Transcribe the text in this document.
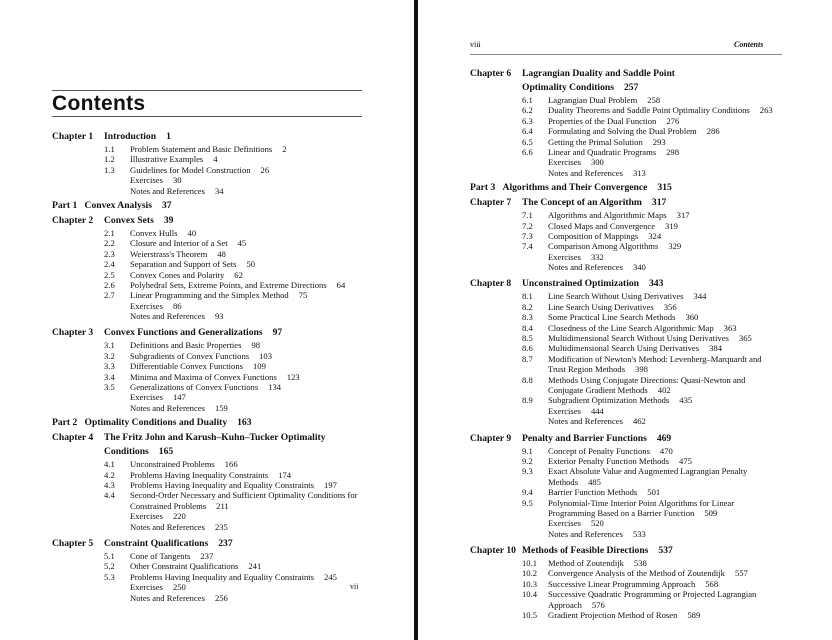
Contents
Chapter 1 Introduction 1
1.1 Problem Statement and Basic Definitions 2
1.2 Illustrative Examples 4
1.3 Guidelines for Model Construction 26
Exercises 30
Notes and References 34
Part 1 Convex Analysis 37
Chapter 2 Convex Sets 39
2.1 Convex Hulls 40
2.2 Closure and Interior of a Set 45
2.3 Weierstrass's Theorem 48
2.4 Separation and Support of Sets 50
2.5 Convex Cones and Polarity 62
2.6 Polyhedral Sets, Extreme Points, and Extreme Directions 64
2.7 Linear Programming and the Simplex Method 75
Exercises 86
Notes and References 93
Chapter 3 Convex Functions and Generalizations 97
3.1 Definitions and Basic Properties 98
3.2 Subgradients of Convex Functions 103
3.3 Differentiable Convex Functions 109
3.4 Minima and Maxima of Convex Functions 123
3.5 Generalizations of Convex Functions 134
Exercises 147
Notes and References 159
Part 2 Optimality Conditions and Duality 163
Chapter 4 The Fritz John and Karush–Kuhn–Tucker Optimality
Conditions 165
4.1 Unconstrained Problems 166
4.2 Problems Having Inequality Constraints 174
4.3 Problems Having Inequality and Equality Constraints 197
4.4 Second-Order Necessary and Sufficient Optimality Conditions for
Constrained Problems 211
Exercises 220
Notes and References 235
Chapter 5 Constraint Qualifications 237
5.1 Cone of Tangents 237
5.2 Other Constraint Qualifications 241
5.3 Problems Having Inequality and Equality Constraints 245
Exercises 250
Notes and References 256
vii
viii	Contents
Chapter 6 Lagrangian Duality and Saddle Point
Optimality Conditions 257
6.1 Lagrangian Dual Problem 258
6.2 Duality Theorems and Saddle Point Optimality Conditions 263
6.3 Properties of the Dual Function 276
6.4 Formulating and Solving the Dual Problem 286
6.5 Getting the Primal Solution 293
6.6 Linear and Quadratic Programs 298
Exercises 300
Notes and References 313
Part 3 Algorithms and Their Convergence 315
Chapter 7 The Concept of an Algorithm 317
7.1 Algorithms and Algorithmic Maps 317
7.2 Closed Maps and Convergence 319
7.3 Composition of Mappings 324
7.4 Comparison Among Algorithms 329
Exercises 332
Notes and References 340
Chapter 8 Unconstrained Optimization 343
8.1 Line Search Without Using Derivatives 344
8.2 Line Search Using Derivatives 356
8.3 Some Practical Line Search Methods 360
8.4 Closedness of the Line Search Algorithmic Map 363
8.5 Multidimensional Search Without Using Derivatives 365
8.6 Multidimensional Search Using Derivatives 384
8.7 Modification of Newton's Method: Levenberg–Marquardt and
Trust Region Methods 398
8.8 Methods Using Conjugate Directions: Quasi-Newton and
Conjugate Gradient Methods 402
8.9 Subgradient Optimization Methods 435
Exercises 444
Notes and References 462
Chapter 9 Penalty and Barrier Functions 469
9.1 Concept of Penalty Functions 470
9.2 Exterior Penalty Function Methods 475
9.3 Exact Absolute Value and Augmented Lagrangian Penalty
Methods 485
9.4 Barrier Function Methods 501
9.5 Polynomial-Time Interior Point Algorithms for Linear
Programming Based on a Barrier Function 509
Exercises 520
Notes and References 533
Chapter 10 Methods of Feasible Directions 537
10.1 Method of Zoutendijk 538
10.2 Convergence Analysis of the Method of Zoutendijk 557
10.3 Successive Linear Programming Approach 568
10.4 Successive Quadratic Programming or Projected Lagrangian
Approach 576
10.5 Gradient Projection Method of Rosen 589
